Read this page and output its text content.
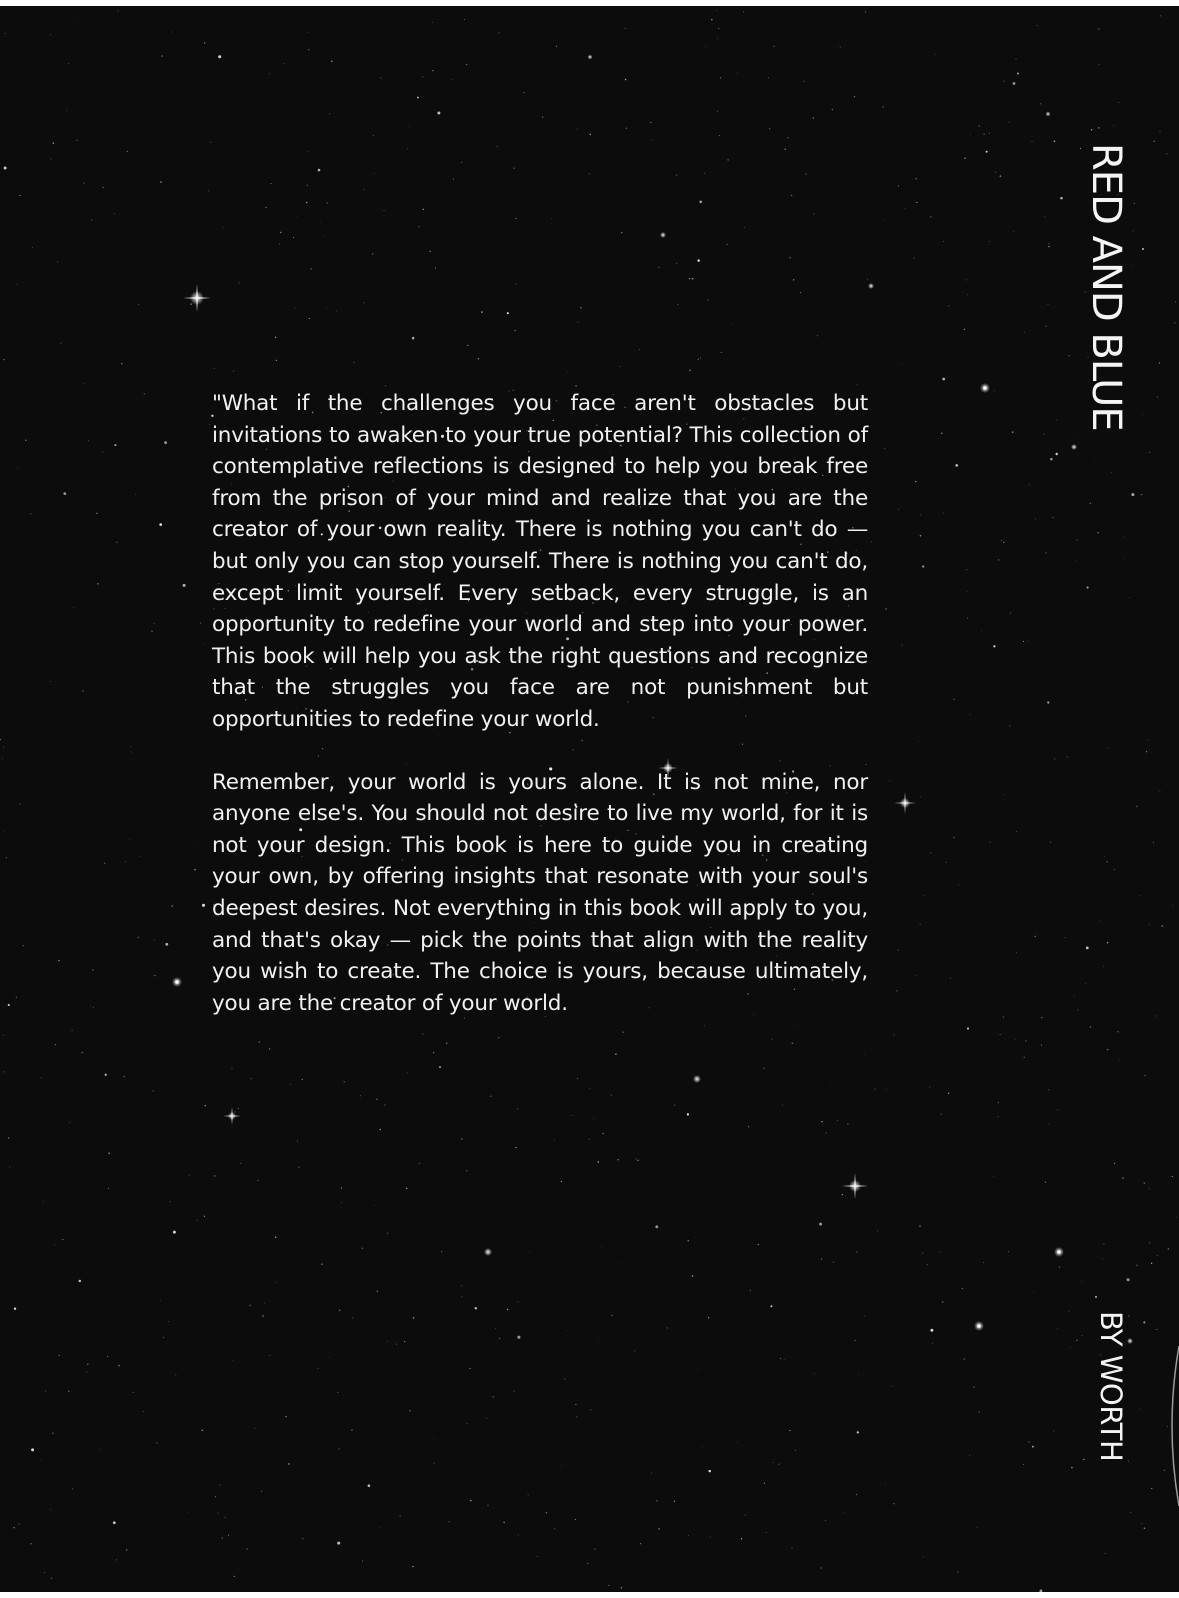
RED AND BLUE

"What if the challenges you face aren't obstacles but invitations to awaken to your true potential? This collection of contemplative reflections is designed to help you break free from the prison of your mind and realize that you are the creator of your own reality. There is nothing you can't do — but only you can stop yourself. There is nothing you can't do, except limit yourself. Every setback, every struggle, is an opportunity to redefine your world and step into your power. This book will help you ask the right questions and recognize that the struggles you face are not punishment but opportunities to redefine your world.

Remember, your world is yours alone. It is not mine, nor anyone else's. You should not desire to live my world, for it is not your design. This book is here to guide you in creating your own, by offering insights that resonate with your soul's deepest desires. Not everything in this book will apply to you, and that's okay — pick the points that align with the reality you wish to create. The choice is yours, because ultimately, you are the creator of your world.

BY WORTH
